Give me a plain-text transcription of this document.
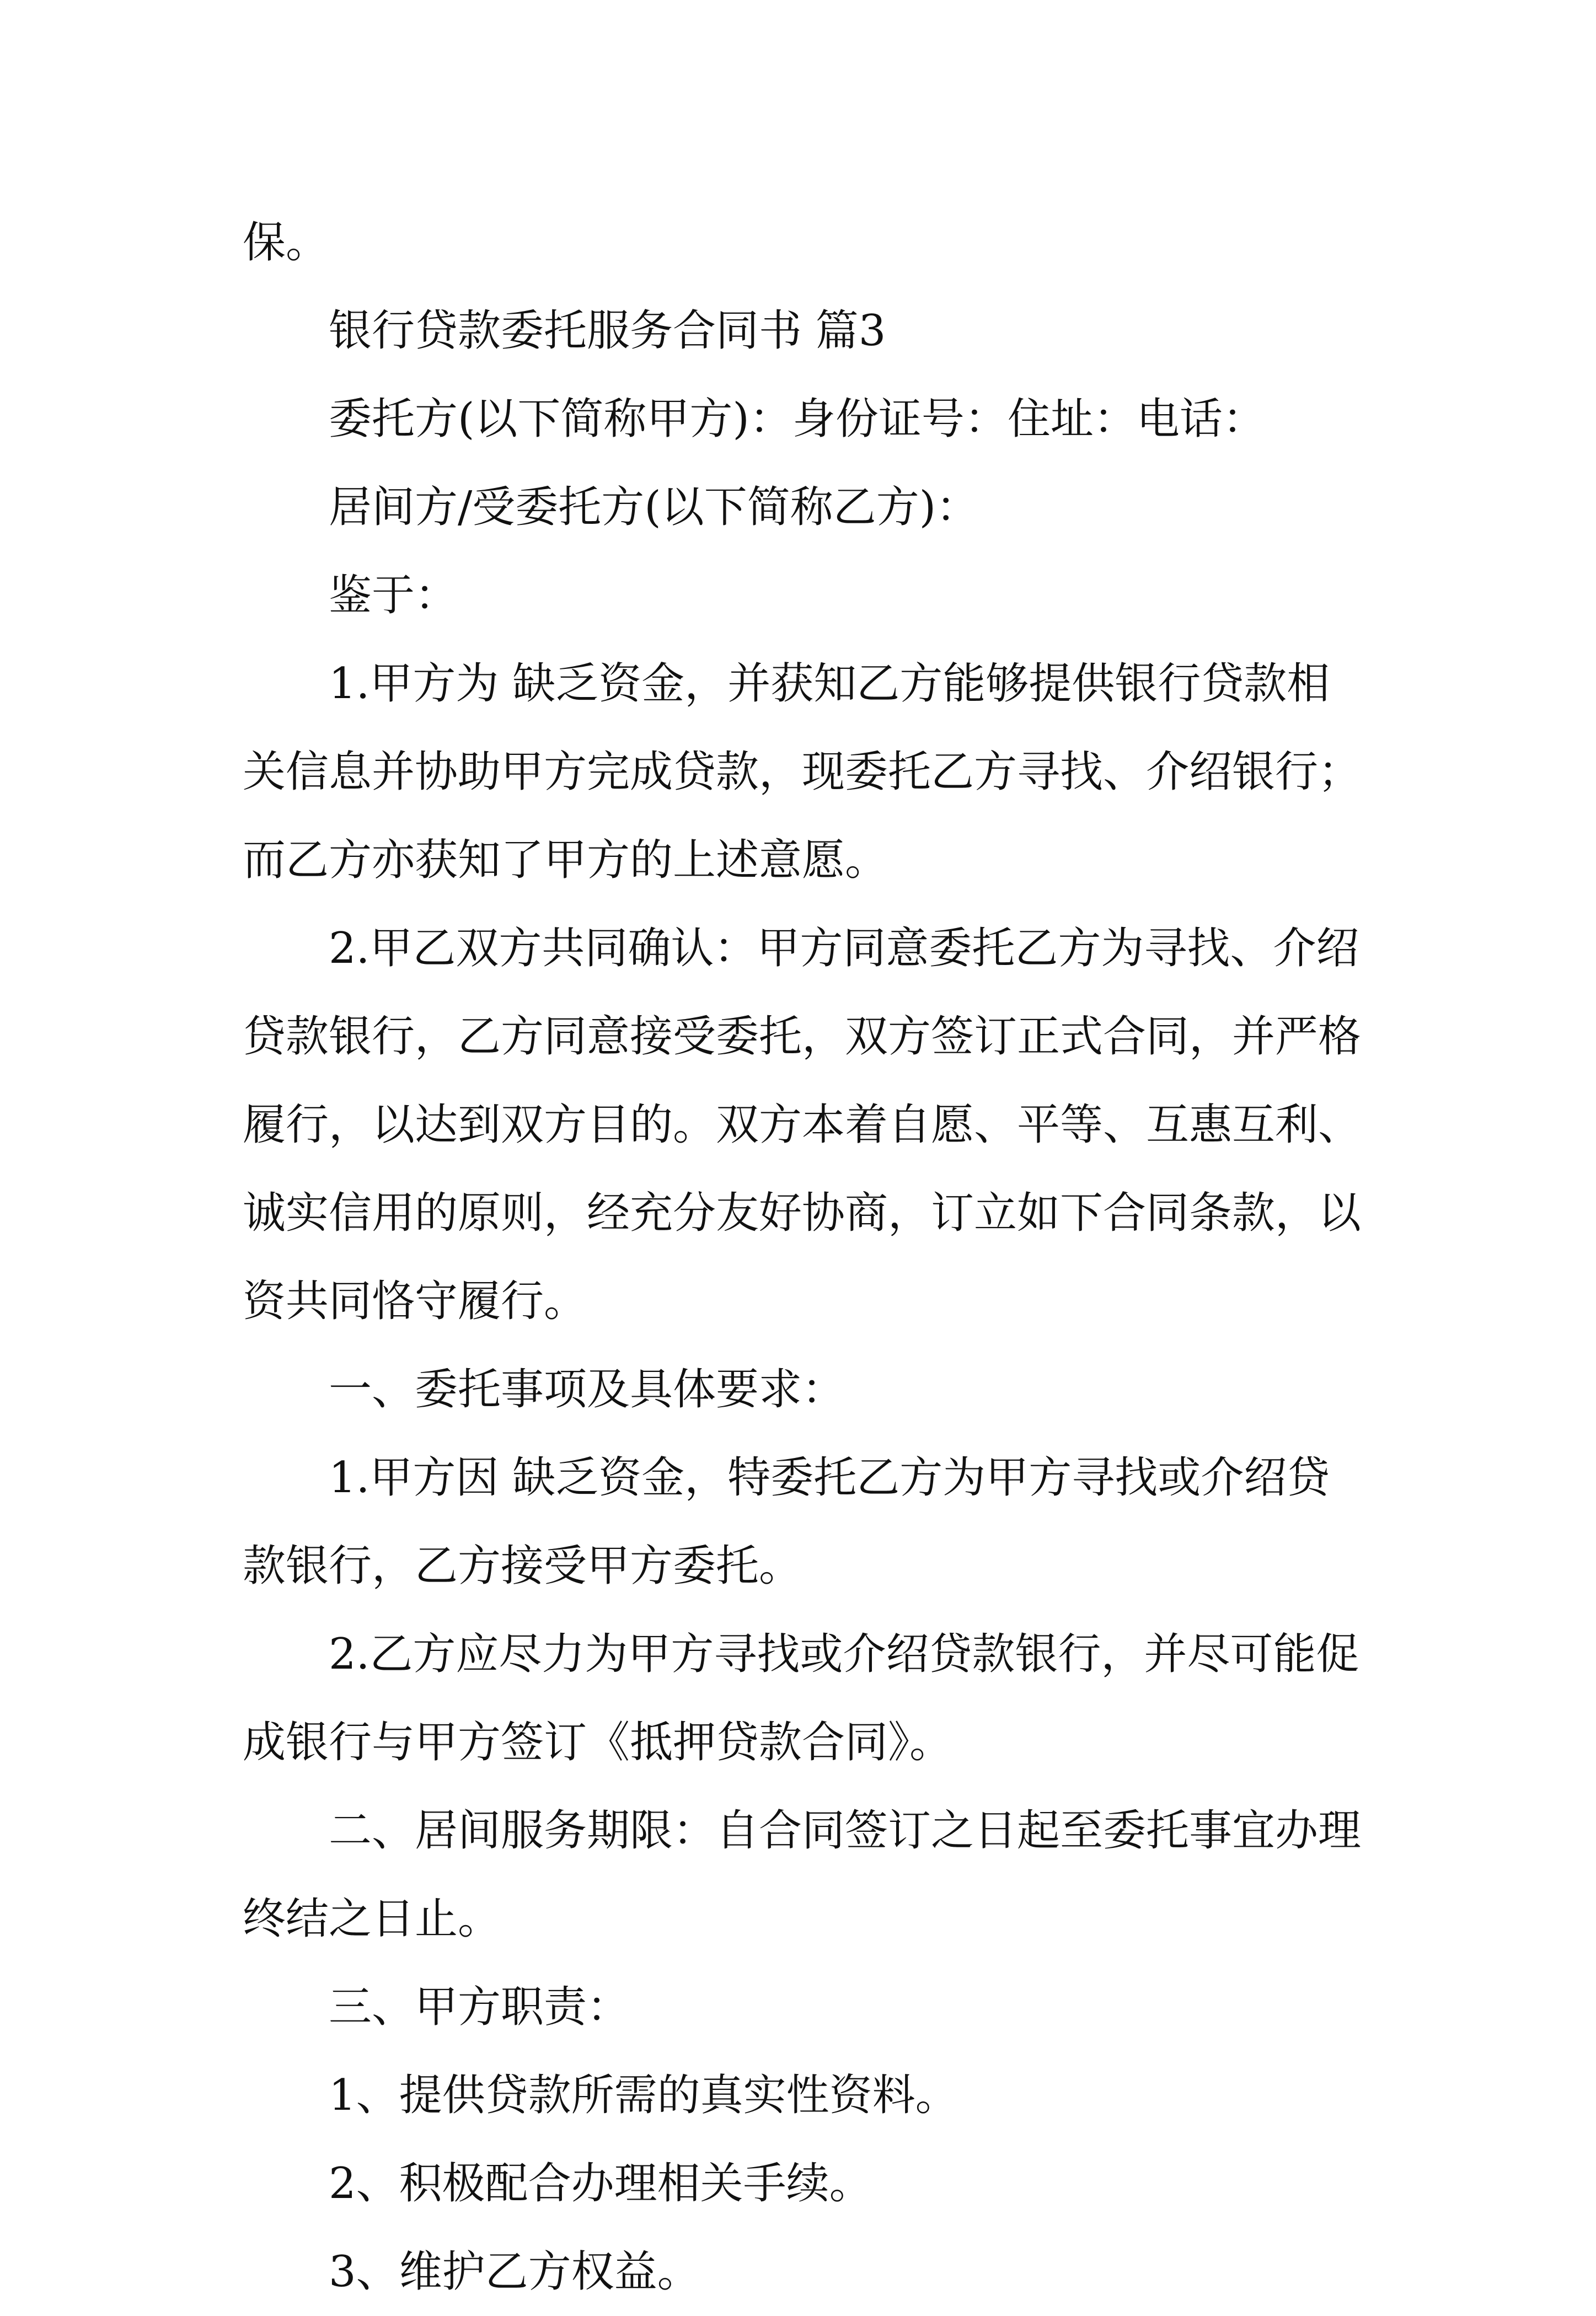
保。

银行贷款委托服务合同书 篇3

委托方(以下简称甲方)：身份证号：住址：电话：

居间方/受委托方(以下简称乙方)：

鉴于：

1.甲方为 缺乏资金，并获知乙方能够提供银行贷款相

关信息并协助甲方完成贷款，现委托乙方寻找、介绍银行；

而乙方亦获知了甲方的上述意愿。

2.甲乙双方共同确认：甲方同意委托乙方为寻找、介绍

贷款银行，乙方同意接受委托，双方签订正式合同，并严格

履行，以达到双方目的。双方本着自愿、平等、互惠互利、

诚实信用的原则，经充分友好协商，订立如下合同条款，以

资共同恪守履行。

一、委托事项及具体要求：

1.甲方因 缺乏资金，特委托乙方为甲方寻找或介绍贷

款银行，乙方接受甲方委托。

2.乙方应尽力为甲方寻找或介绍贷款银行，并尽可能促

成银行与甲方签订《抵押贷款合同》。

二、居间服务期限：自合同签订之日起至委托事宜办理

终结之日止。

三、甲方职责：

1、提供贷款所需的真实性资料。

2、积极配合办理相关手续。

3、维护乙方权益。
